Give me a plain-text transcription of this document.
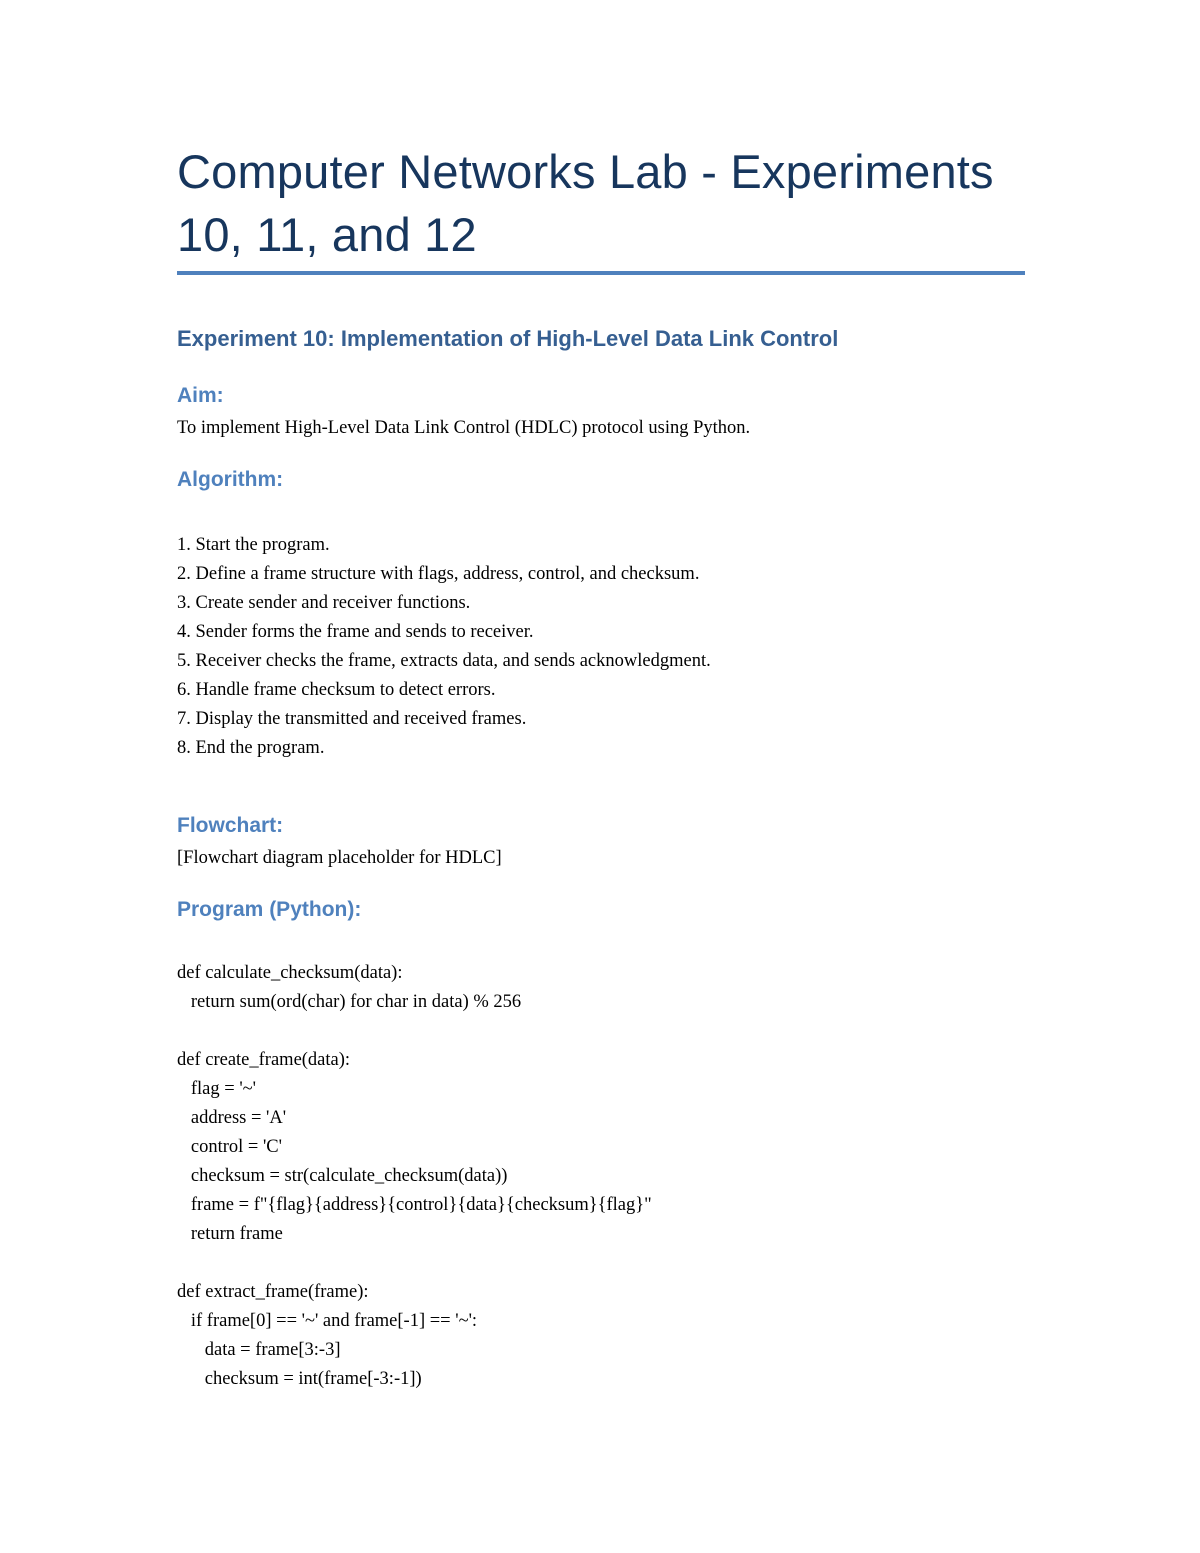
Computer Networks Lab - Experiments 10, 11, and 12
Experiment 10: Implementation of High-Level Data Link Control
Aim:

To implement High-Level Data Link Control (HDLC) protocol using Python.

Algorithm:
1. Start the program.
2. Define a frame structure with flags, address, control, and checksum.
3. Create sender and receiver functions.
4. Sender forms the frame and sends to receiver.
5. Receiver checks the frame, extracts data, and sends acknowledgment.
6. Handle frame checksum to detect errors.
7. Display the transmitted and received frames.
8. End the program.
Flowchart:

[Flowchart diagram placeholder for HDLC]

Program (Python):
def calculate_checksum(data):
return sum(ord(char) for char in data) % 256
def create_frame(data):
flag = '~'
address = 'A'
control = 'C'
checksum = str(calculate_checksum(data))
frame = f"{flag}{address}{control}{data}{checksum}{flag}"
return frame
def extract_frame(frame):
if frame[0] == '~' and frame[-1] == '~':
data = frame[3:-3]
checksum = int(frame[-3:-1])
